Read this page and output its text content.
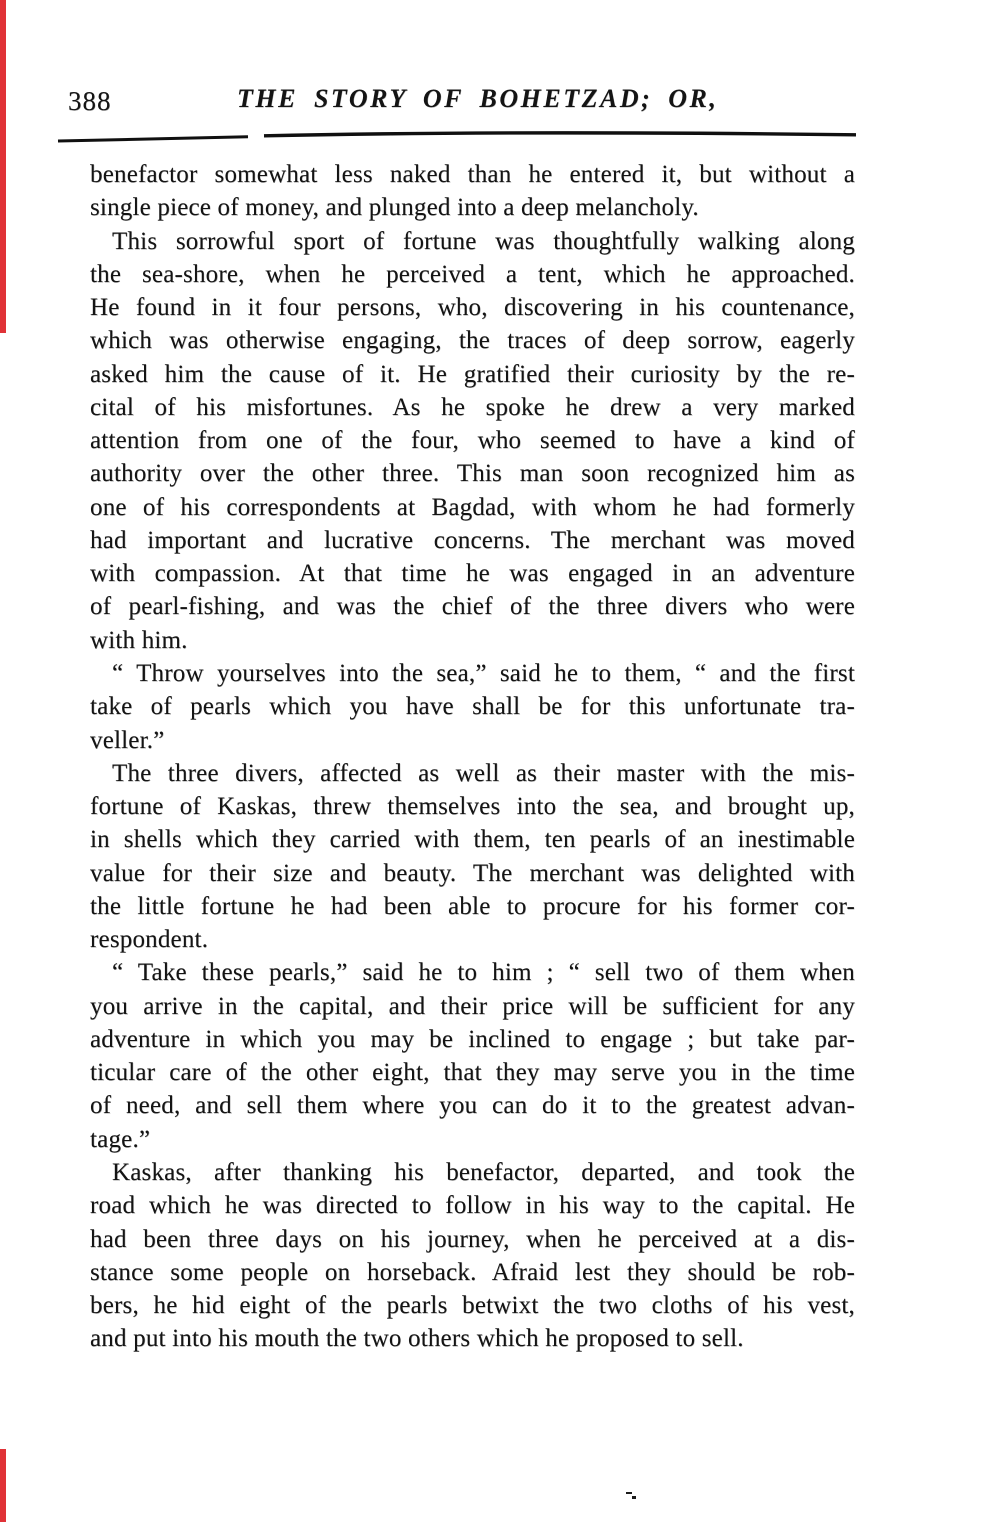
388	THE STORY OF BOHETZAD; OR,
benefactor somewhat less naked than he entered it, but without a
single piece of money, and plunged into a deep melancholy.
This sorrowful sport of fortune was thoughtfully walking along
the sea-shore, when he perceived a tent, which he approached.
He found in it four persons, who, discovering in his countenance,
which was otherwise engaging, the traces of deep sorrow, eagerly
asked him the cause of it. He gratified their curiosity by the re-
cital of his misfortunes. As he spoke he drew a very marked
attention from one of the four, who seemed to have a kind of
authority over the other three. This man soon recognized him as
one of his correspondents at Bagdad, with whom he had formerly
had important and lucrative concerns. The merchant was moved
with compassion. At that time he was engaged in an adventure
of pearl-fishing, and was the chief of the three divers who were
with him.
“ Throw yourselves into the sea,” said he to them, “ and the first
take of pearls which you have shall be for this unfortunate tra-
veller.”
The three divers, affected as well as their master with the mis-
fortune of Kaskas, threw themselves into the sea, and brought up,
in shells which they carried with them, ten pearls of an inestimable
value for their size and beauty. The merchant was delighted with
the little fortune he had been able to procure for his former cor-
respondent.
“ Take these pearls,” said he to him ; “ sell two of them when
you arrive in the capital, and their price will be sufficient for any
adventure in which you may be inclined to engage ; but take par-
ticular care of the other eight, that they may serve you in the time
of need, and sell them where you can do it to the greatest advan-
tage.”
Kaskas, after thanking his benefactor, departed, and took the
road which he was directed to follow in his way to the capital. He
had been three days on his journey, when he perceived at a dis-
stance some people on horseback. Afraid lest they should be rob-
bers, he hid eight of the pearls betwixt the two cloths of his vest,
and put into his mouth the two others which he proposed to sell.
